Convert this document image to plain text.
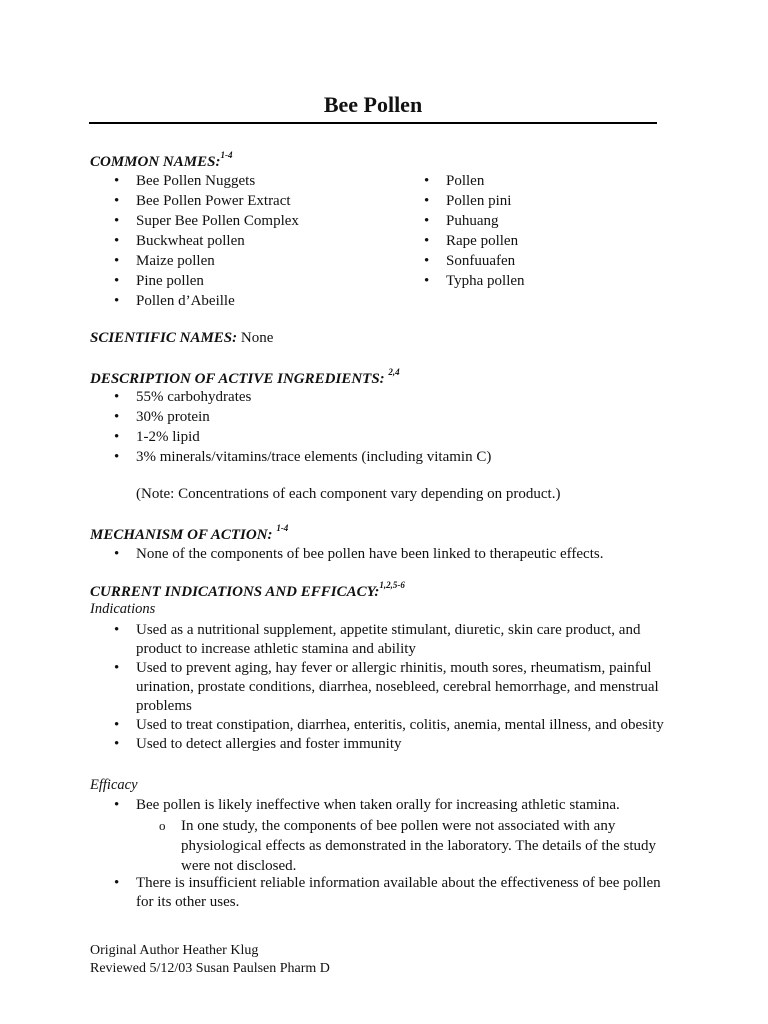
Bee Pollen
COMMON NAMES:$^{1-4}$
• Bee Pollen Nuggets
• Bee Pollen Power Extract
• Super Bee Pollen Complex
• Buckwheat pollen
• Maize pollen
• Pine pollen
• Pollen d’Abeille
• Pollen
• Pollen pini
• Puhuang
• Rape pollen
• Sonfuuafen
• Typha pollen
SCIENTIFIC NAMES: None
DESCRIPTION OF ACTIVE INGREDIENTS: $^{2,4}$
• 55% carbohydrates
• 30% protein
• 1-2% lipid
• 3% minerals/vitamins/trace elements (including vitamin C)
(Note: Concentrations of each component vary depending on product.)
MECHANISM OF ACTION: $^{1-4}$
• None of the components of bee pollen have been linked to therapeutic effects.
CURRENT INDICATIONS AND EFFICACY:$^{1,2,5-6}$
Indications
• Used as a nutritional supplement, appetite stimulant, diuretic, skin care product, and product to increase athletic stamina and ability
• Used to prevent aging, hay fever or allergic rhinitis, mouth sores, rheumatism, painful urination, prostate conditions, diarrhea, nosebleed, cerebral hemorrhage, and menstrual problems
• Used to treat constipation, diarrhea, enteritis, colitis, anemia, mental illness, and obesity
• Used to detect allergies and foster immunity
Efficacy
• Bee pollen is likely ineffective when taken orally for increasing athletic stamina.
o In one study, the components of bee pollen were not associated with any physiological effects as demonstrated in the laboratory. The details of the study were not disclosed.
• There is insufficient reliable information available about the effectiveness of bee pollen for its other uses.
Original Author Heather Klug
Reviewed 5/12/03 Susan Paulsen Pharm D
